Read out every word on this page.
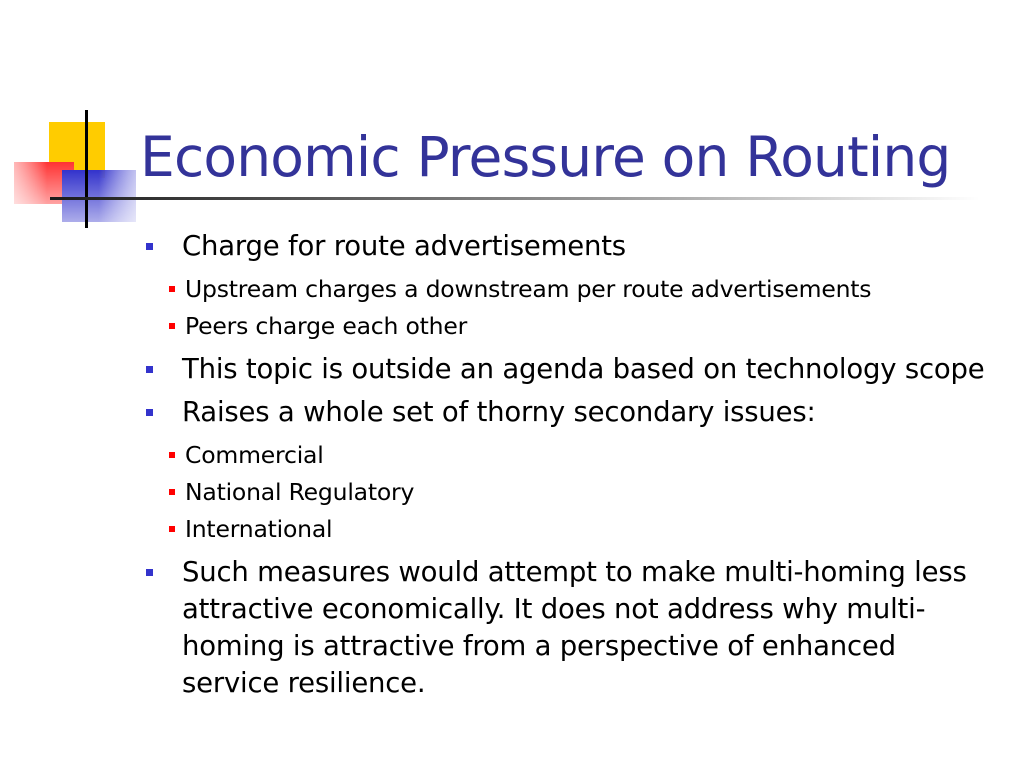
Economic Pressure on Routing
Charge for route advertisements
Upstream charges a downstream per route advertisements
Peers charge each other
This topic is outside an agenda based on technology scope
Raises a whole set of thorny secondary issues:
Commercial
National Regulatory
International
Such measures would attempt to make multi-homing less attractive economically. It does not address why multi-homing is attractive from a perspective of enhanced service resilience.
